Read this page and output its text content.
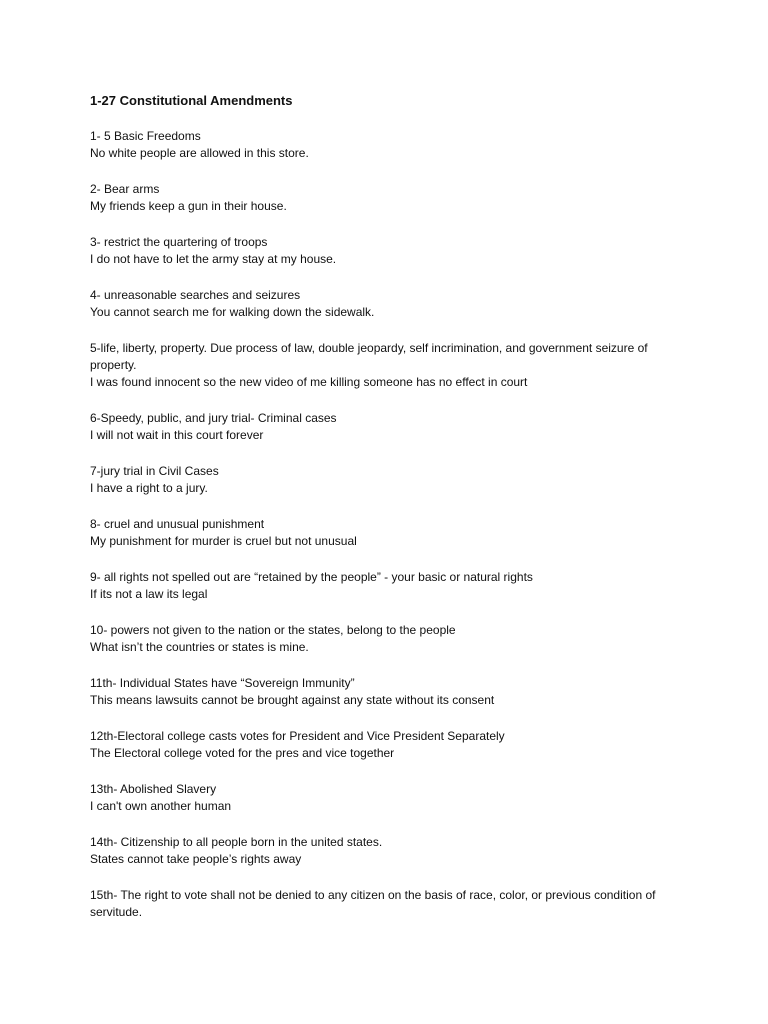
1-27 Constitutional Amendments

1- 5 Basic Freedoms

No white people are allowed in this store.

2- Bear arms

My friends keep a gun in their house.

3- restrict the quartering of troops

I do not have to let the army stay at my house.

4- unreasonable searches and seizures

You cannot search me for walking down the sidewalk.

5-life, liberty, property. Due process of law, double jeopardy, self incrimination, and government seizure of property.

I was found innocent so the new video of me killing someone has no effect in court

6-Speedy, public, and jury trial- Criminal cases

I will not wait in this court forever

7-jury trial in Civil Cases

I have a right to a jury.

8- cruel and unusual punishment

My punishment for murder is cruel but not unusual

9- all rights not spelled out are “retained by the people” - your basic or natural rights

If its not a law its legal

10- powers not given to the nation or the states, belong to the people

What isn’t the countries or states is mine.

11th- Individual States have “Sovereign Immunity”

This means lawsuits cannot be brought against any state without its consent

12th-Electoral college casts votes for President and Vice President Separately

The Electoral college voted for the pres and vice together

13th- Abolished Slavery

I can't own another human

14th- Citizenship to all people born in the united states.

States cannot take people’s rights away

15th- The right to vote shall not be denied to any citizen on the basis of race, color, or previous condition of servitude.
